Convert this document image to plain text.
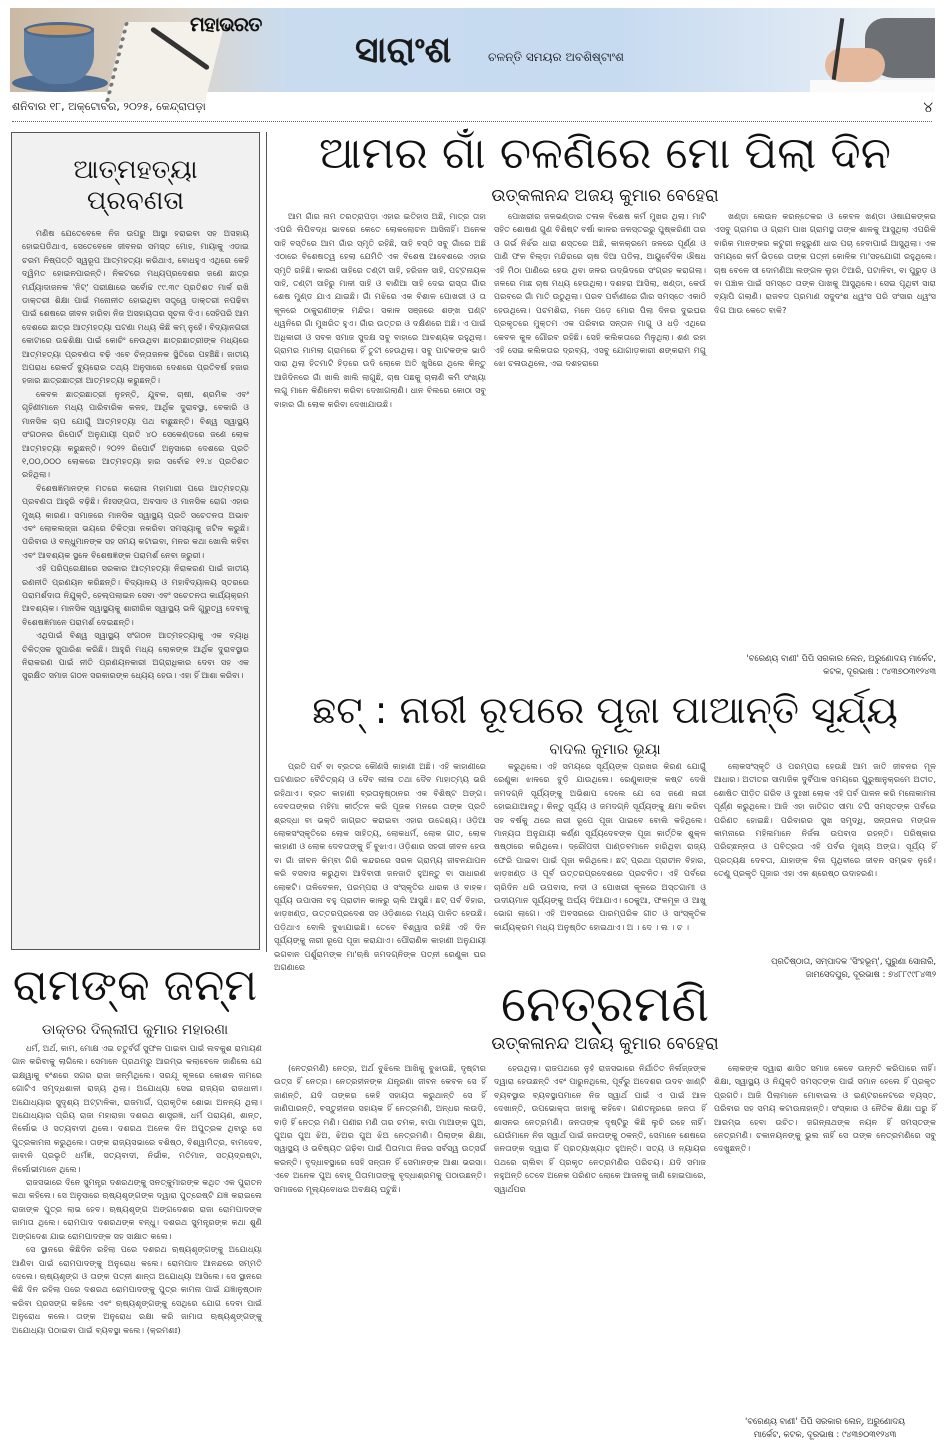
ମହାଭରତ
ସାରାଂଶ	ଚଳନ୍ତି ସମୟର ଅବଶିଷ୍ଟାଂଶ
ଶନିବାର ୧୮, ଅକ୍ଟୋବର, ୨୦୨୫, କେନ୍ଦ୍ରାପଡ଼ା	୪
ଆତ୍ମହତ୍ୟା ପ୍ରବଣତା

ମଣିଷ ଯେତେବେଳେ ନିଜ ଉପରୁ ଆସ୍ଥା ହରାଇବା ସହ ଅସହାୟ ହୋଇପଡିଥାଏ, ସେତେବେଳେ ଜୀବନର ସମସ୍ତ ମୋହ, ମାୟାକୁ ଏଡାଇ ଚରମ ନିଷ୍ପତ୍ତି ସ୍ୱରୂପ ଆତ୍ମହତ୍ୟା କରିଥାଏ, ବୋଧହୁଏ ଏଥିରେ କେହି ଦ୍ୱିମତ ହୋଇନପାରନ୍ତି। ନିକଟରେ ମଧ୍ୟପ୍ରଦେଶର ଜଣେ ଛାତ୍ର ମର୍ଯ୍ୟାଦାଜନକ 'ନିଟ୍' ପରୀକ୍ଷାରେ ସର୍ବୋଚ୍ଚ ୯୯.୩୯ ପ୍ରତିଶତ ମାର୍କ ରଖି ଡାକ୍ତରୀ ଶିକ୍ଷା ପାଇଁ ମନୋନୀତ ହୋଇଥିବା ସତ୍ତ୍ୱେ ଡାକ୍ତରୀ ନପଢିବା ପାଇଁ ଶେଷରେ ଜୀବନ ହାରିବା ନିଜ ଅସହାୟତାର ସୂଚନା ଦିଏ। ସେହିପରି ଆମ ଦେଶରେ ଛାତ୍ର ଆତ୍ମହତ୍ୟା ଘଟଣା ମଧ୍ୟ କିଛି କମ୍ ନୁହେଁ। ବିଦ୍ୟାନଗରୀ କୋଟାରେ ଉଚ୍ଚଶିକ୍ଷା ପାଇଁ କୋଚିଂ ନେଉଥିବା ଛାତ୍ରଛାତ୍ରୀଙ୍କ ମଧ୍ୟରେ ଆତ୍ମହତ୍ୟା ପ୍ରବଣତା ବଢ଼ି ଏବେ ଚିନ୍ତାଜନକ ସ୍ଥିତିରେ ପହଞ୍ଚିଛି। ଜାତୀୟ ଅପରାଧ ରେକର୍ଡ ବ୍ୟୁରୋର ତଥ୍ୟ ଅନୁସାରେ ଦେଶରେ ପ୍ରତିବର୍ଷ ହଜାର ହଜାର ଛାତ୍ରଛାତ୍ରୀ ଆତ୍ମହତ୍ୟା କରୁଛନ୍ତି।

କେବଳ ଛାତ୍ରଛାତ୍ରୀ ନୁହନ୍ତି, ଯୁବକ, ଚାଷୀ, ଶ୍ରମିକ ଏବଂ ଗୃହିଣୀମାନେ ମଧ୍ୟ ପାରିବାରିକ କଳହ, ଆର୍ଥିକ ଦୁରାବସ୍ଥା, ବେକାରି ଓ ମାନସିକ ଚାପ ଯୋଗୁଁ ଆତ୍ମହତ୍ୟା ପଥ ବାଛୁଛନ୍ତି। ବିଶ୍ୱ ସ୍ୱାସ୍ଥ୍ୟ ସଂଗଠନର ରିପୋର୍ଟ ଅନୁଯାୟୀ ପ୍ରତି ୪୦ ସେକେଣ୍ଡରେ ଜଣେ ଲୋକ ଆତ୍ମହତ୍ୟା କରୁଛନ୍ତି। ୨୦୨୨ ରିପୋର୍ଟ ଅନୁସାରେ ଦେଶରେ ପ୍ରତି ୧,୦୦,୦୦୦ ଲୋକରେ ଆତ୍ମହତ୍ୟା ହାର ସର୍ବୋଚ୍ଚ ୧୨.୪ ପ୍ରତିଶତ ରହିଥିଲା।

ବିଶେଷଜ୍ଞମାନଙ୍କ ମତରେ କରୋନା ମହାମାରୀ ପରେ ଆତ୍ମହତ୍ୟା ପ୍ରବଣତା ଆହୁରି ବଢ଼ିଛି। ନିଃସଙ୍ଗତା, ଅବସାଦ ଓ ମାନସିକ ରୋଗ ଏହାର ମୁଖ୍ୟ କାରଣ। ସମାଜରେ ମାନସିକ ସ୍ୱାସ୍ଥ୍ୟ ପ୍ରତି ସଚେତନତା ଅଭାବ ଏବଂ ଲୋକଲଜ୍ଜା ଭୟରେ ଚିକିତ୍ସା ନକରିବା ସମସ୍ୟାକୁ ଜଟିଳ କରୁଛି। ପରିବାର ଓ ବନ୍ଧୁମାନଙ୍କ ସହ ସମୟ କଟାଇବା, ମନର କଥା ଖୋଲି କହିବା ଏବଂ ଆବଶ୍ୟକ ସ୍ଥଳେ ବିଶେଷଜ୍ଞଙ୍କ ପରାମର୍ଶ ନେବା ଜରୁରୀ।

ଏହି ପରିପ୍ରେକ୍ଷୀରେ ସରକାର ଆତ୍ମହତ୍ୟା ନିରାକରଣ ପାଇଁ ଜାତୀୟ ରଣନୀତି ପ୍ରଣୟନ କରିଛନ୍ତି। ବିଦ୍ୟାଳୟ ଓ ମହାବିଦ୍ୟାଳୟ ସ୍ତରରେ ପରାମର୍ଶଦାତା ନିଯୁକ୍ତି, ହେଲ୍ପଲାଇନ ସେବା ଏବଂ ସଚେତନତା କାର୍ଯ୍ୟକ୍ରମ ଆବଶ୍ୟକ। ମାନସିକ ସ୍ୱାସ୍ଥ୍ୟକୁ ଶାରୀରିକ ସ୍ୱାସ୍ଥ୍ୟ ଭଳି ଗୁରୁତ୍ୱ ଦେବାକୁ ବିଶେଷଜ୍ଞମାନେ ପରାମର୍ଶ ଦେଇଛନ୍ତି।

ଏଥିପାଇଁ ବିଶ୍ୱ ସ୍ୱାସ୍ଥ୍ୟ ସଂଗଠନ ଆତ୍ମହତ୍ୟାକୁ ଏକ ବ୍ୟାଧି ଚିକିତ୍ସକ ସୁପାରିଶ କରିଛି। ଆହୁରି ମଧ୍ୟ ଲୋକଙ୍କ ଆର୍ଥିକ ଦୁରାବସ୍ଥାର ନିରାକରଣ ପାଇଁ ନୀତି ପ୍ରଣୟନକାରୀ ଅଗ୍ରାଧିକାର ଦେବା ସହ ଏକ ସୁରକ୍ଷିତ ସମାଜ ଗଠନ ସରକାରଙ୍କ ଧ୍ୟେୟ ହେଉ। ଏହା ହିଁ ଆଶା କରିବା।

ଆମର ଗାଁ ଚଳଣିରେ ମୋ ପିଲା ଦିନ
ଉତ୍କଳାନନ୍ଦ ଅଜୟ କୁମାର ବେହେରା

ଆମ ଗାଁର ନାମ ତରତ୍ରାପଡ଼ା ଏହାର ଇତିହାସ ଅଛି, ମାତ୍ର ତାହା ଏପରି ଲିପିବଦ୍ଧ ଭାବରେ କେତେ ଲୋକଲୋଚନ ଆସିନାହିଁ। ଅନେକ ସାହି ବସ୍ତିରେ ଆମ ଗାଁର ସ୍ମୃତି ରହିଛି, ସାହି ବସ୍ତି ସବୁ ଗାଁରେ ଅଛି ଏଠାରେ ବିଶେଷତ୍ୱ ହେଲା ଯେମିତି ଏକ ବିଶେଷ ଆବେଶରେ ଏହାର ସ୍ମୃତି ରହିଛି। କାରଣ ସାହିରେ ତଣ୍ଟୀ ସାହି, ହରିଜନ ସାହି, ପଟ୍ଟନାୟକ ସାହି, ତଣ୍ଟୀ ସାହିରୁ ମାଳୀ ସାହି ଓ ବାଣିଆ ସାହି ଦେଇ ରାସ୍ତା ଗାଁର ଶେଷ ମୁଣ୍ଡ ଯାଏ ଯାଇଛି। ଗାଁ ମଝିରେ ଏକ ବିଶାଳ ପୋଖରୀ ଓ ତା କୂଳରେ ଠାକୁରାଣୀଙ୍କ ମନ୍ଦିର। ସକାଳ ସଞ୍ଜରେ ଶଙ୍ଖ ଘଣ୍ଟ ଧ୍ୱନିରେ ଗାଁ ମୁଖରିତ ହୁଏ। ଗାଁର ଉତ୍ତର ଓ ଦକ୍ଷିଣରେ ଅଛି। ଏ ପାଇଁ ଅଧିକାରୀ ଓ ସବଳ ସମାଜ ସୁଦକ୍ଷ ସବୁ ବାହାରେ ଆବଶ୍ୟକ ରହୁଥିଲା। ଗ୍ରାମର ମାମଲା ଗ୍ରାମରେ ହିଁ ତୁଟୀ ହେଉଥିଲା। ସବୁ ପାଟକଙ୍କ ଭାଡି ସାରା ଥିଲା ହିତମାଟି ହିଡ଼ରେ ଉଦି ଲୋକେ ଅତି ଖୁସିରେ ଥିଲେ କିନ୍ତୁ ଆଜିଦିନରେ ଗାଁ ଖାଲି ଖାଲି ଲାଗୁଛି, ଚାଷ ପଛକୁ ଚାଲାଣି କମି ସଂଖ୍ୟା ଲଗୁ ମାନେ କିଣିନେବା କରିବା ଦେଖାଗଲାଣି। ଧାନ ବିଲରେ କୋଠା ସବୁ ବାହାର ଗାଁ ଲୋକ କରିବା ଦେଖାଯାଉଛି।

ପୋଖରୀର ଜଳଭଣ୍ଡାର ତଳାଳ ବିଶେଷ କର୍ମ ମୁଖର ଥିଲା। ମାଟି ସହିତ ଶୋଷଣ ଗୁଣ ବିଶିଷ୍ଟ ବର୍ଷା କାଳର ଜଳସ୍ତରରୁ ପୁଷ୍କରିଣୀ ତାର ଓ ଗର୍ଭ ନିର୍ଝର ଧାରା ଶସ୍ତରେ ଅଛି, କାଳକ୍ରମେ ଜଳରେ ପୂର୍ଣ୍ଣ ଓ ପାଣି ଫଳ ବିଲ୍ଡ଼ା ମନ୍ଦିରରେ ଚାଷ ଦିଆ ପଡିଲା, ଆୟୁର୍ବେଦିକ ଔଷଧ ଏହି ମିଠା ପାଣିରେ ହେଉ ଥିବା ଜଳର ଉଦ୍ଭିଦରେ ସଂଗ୍ରହ କରାଗଲା। ଜଳରେ ମାଛ ଚାଷ ମଧ୍ୟ ହେଉଥିଲା। ଦଶହରା ଆସିଲା, ଖଣ୍ଡା, କେଉଁ ପରବରେ ଗାଁ ମାତି ଉଠୁଥିଲା। ପରବ ପର୍ବାଣୀରେ ଗାଁର ସମସ୍ତେ ଏକାଠି ହେଉଥିଲେ। ପଚମଶିରା, ମନେ ପଡ଼େ ମୋର ପିଲା ଦିନର ଦୁଇଘର ପ୍ରକୃତରେ ମୁକ୍ତମ ଏକ ପରିବାର ସନ୍ତାନ ମାଗୁ ଓ ଧଡ଼ି ଏଥିରେ କେବଳ କୁଳ ଗୌରବ ରହିଛି। ସେହି କଲିକତାରେ ମିଳୁଥିଲା। ଶଣ ରହା ଏହି ସେଇ କଲିକତାର ଦ୍ରବ୍ୟ, ଏସବୁ ଯୋଗାଡ଼କାରୀ ଶଙ୍କରାମ ମଗୁ ଝୋ ଚଳାଉଥିଲେ, ଏଇ ଦଶହରାରେ

ଖଣ୍ଡା ଲେଉନ କରନ୍ତେକର ଓ କେବଳ ଖଣ୍ଡା ଓଷାଯକଙ୍କର ଏସବୁ ଗ୍ରାମର ଓ ଗ୍ରାମ ପାଖ ଗ୍ରାମସ୍ଥ ତାଙ୍କ ଶାଳକୁ ଆସୁଥିଲା ଏପରିକି ବାରିକ ମାନଙ୍କର କଟୁରୀ ନହୁରୁଣୀ ଧାର ପଚା ହେବାପାଇଁ ଆସୁଥିଲା। ଏକ ସମୟରେ କର୍ମ ଭିଡ଼ରେ ତାଙ୍କ ପତ୍ନୀ କୋଳିକ ମା'ସହଯୋଗୀ ରହୁଥିଲେ। ଚାଷ ବେଳେ ସୀ ଦୋମଣିଆ ଲଙ୍ଗଳ ଲୁହା ତିଆରି, ପଟାଳିବା, ବା ପୁରୁଡ଼ ଓ ବା ପଞ୍ଚାଳ ପାଇଁ ସମସ୍ତେ ତାଙ୍କ ପାଖକୁ ଆସୁଥିଲେ। ସେଇ ପୃଥିବୀ ସାରା ବ୍ୟାପି ଗଲାଣି। ରାଜବଡ ପ୍ରମାଣ ସଦୁଦଂଶ ଧ୍ୱଂସ ପରି ସଂସାର ଧ୍ୱଂସ ଦିଗ ଆଉ କେତେ ବାକି?

'ବରେଣ୍ୟ ବାଣୀ' ପିପି ସରକାର ଲେନ, ଅରୁଣୋଦୟ ମାର୍କେଟ,
କଟକ, ଦୂରଭାଷ : ୯୪୩୭୦୩୧୨୪୩
ଛଟ୍ : ନାରୀ ରୂପରେ ପୂଜା ପାଆନ୍ତି ସୂର୍ଯ୍ୟ
ବାଦଲ କୁମାର ଭୂୟା

ପ୍ରତି ପର୍ବ ବା ବ୍ରତର କୌଣସି କାହାଣୀ ଅଛି। ଏହି କାହାଣୀରେ ଘଟଣାରତ ବୈଚିତ୍ର୍ୟ ଓ ଦୈବ ଲୀଳା ତଥା ଦୈବ ମାହାତ୍ମ୍ୟ ଭରି ରହିଥାଏ। ବ୍ରତ କାହାଣୀ ବ୍ରତାନୁଷ୍ଠାନର ଏକ ବିଶିଷ୍ଟ ଅଙ୍ଗ। ଦେବତାଙ୍କର ମହିମା କୀର୍ତ୍ତନ କରି ପୂଜକ ମନରେ ତାଙ୍କ ପ୍ରତି ଶ୍ରଦ୍ଧା ବା ଭକ୍ତି ଜାଗ୍ରତ କରାଇବା ଏହାର ଉଦ୍ଦେଶ୍ୟ। ଓଡ଼ିଆ ଲୋକସଂସ୍କୃତିରେ ଲୋକ ସାହିତ୍ୟ, ଲୋକଧର୍ମ, ଲୋକ ଗୀତ, ଲୋକ କାହାଣୀ ଓ ଲୋକ ଦେବତାଙ୍କୁ ହିଁ ବୁଝାଏ। ଓଡ଼ିଶାର ସହରୀ ଜୀବନ ହେଉ ବା ଗାଁ ଜୀବନ କିମ୍ବା ଗିରି କନ୍ଦରରେ ସରଳ ଗ୍ରାମ୍ୟ ଜୀବନଯାପନ କରି ବସବାସ କରୁଥିବା ଆଦିବାସୀ ଜନଜାତି ହୁଅନ୍ତୁ ବା ସାଧାରଣ ଲୋକଟି। ତାଳିବେଳନ, ପରମ୍ପରା ଓ ସଂସ୍କୃତିର ଧାରକ ଓ ବାହକ। ସୂର୍ଯ୍ୟ ଉପାସନା ବହୁ ପ୍ରାଚୀନ କାଳରୁ ଚାଲି ଆସୁଛି। ଛଟ୍ ପର୍ବ ବିହାର, ଝାଡ଼ଖଣ୍ଡ, ଉତ୍ତରପ୍ରଦେଶ ସହ ଓଡ଼ିଶାରେ ମଧ୍ୟ ପାଳିତ ହେଉଛି। ପଡ଼ିଥାଏ ବୋଲି ବୁଝାଯାଇଛି। ତେବେ ବିଶ୍ୱାସ ରହିଛି ଏହି ଦିନ ସୂର୍ଯ୍ୟଙ୍କୁ ନାରୀ ରୂପେ ପୂଜା କରାଯାଏ। ପୌରାଣିକ କାହାଣୀ ଅନୁଯାୟୀ ଭଗବାନ ପର୍ଶୁରାମଙ୍କ ମା'ଋଷି ଜମଦଗ୍ନିଙ୍କ ପତ୍ନୀ ରେଣୁକା ଘର ଅଗଣାରେ

କରୁଥିଲେ। ଏହି ସମୟରେ ସୂର୍ଯ୍ୟଙ୍କ ପ୍ରଖର କିରଣ ଯୋଗୁଁ ରେଣୁକା ଝାଳରେ ବୁଡ଼ି ଯାଉଥିଲେ। ରେଣୁକାଙ୍କ କଷ୍ଟ ଦେଖି ଜମଦଗ୍ନି ସୂର୍ଯ୍ୟଙ୍କୁ ଅଭିଶାପ ଦେଲେ ଯେ ସେ ଜଣେ ନାରୀ ହୋଇଯାଆନ୍ତୁ। କିନ୍ତୁ ସୂର୍ଯ୍ୟ ଓ ଜମଦଗ୍ନି ସୂର୍ଯ୍ୟଙ୍କୁ କ୍ଷମା କରିବା ସହ ବର୍ଷକୁ ଥରେ ନାରୀ ରୂପେ ପୂଜା ପାଇବେ ବୋଲି କହିଥିଲେ। ମାନ୍ୟତା ଅନୁଯାୟୀ କର୍ଣ୍ଣ ସୂର୍ଯ୍ୟଦେବଙ୍କ ପୂଜା କାର୍ତ୍ତିକ ଶୁକ୍ଳ ଷଷ୍ଠୀରେ କରିଥିଲେ। ଦ୍ରୌପଦୀ ପାଣ୍ଡବମାନେ ହାରିଥିବା ରାଜ୍ୟ ଫେରି ପାଇବା ପାଇଁ ପୂଜା କରିଥିଲେ। ଛଟ୍ ପ୍ରଥା ପ୍ରାଚୀନ ବିହାର, ଝାଡ଼ଖଣ୍ଡ ଓ ପୂର୍ବ ଉତ୍ତରପ୍ରଦେଶରେ ପ୍ରଚଳିତ। ଏହି ପର୍ବରେ ଚାରିଦିନ ଧରି ଉପବାସ, ନଦୀ ଓ ପୋଖରୀ କୂଳରେ ଅସ୍ତଗାମୀ ଓ ଉଦୀୟମାନ ସୂର୍ଯ୍ୟଙ୍କୁ ଅର୍ଘ୍ୟ ଦିଆଯାଏ। ଠେକୁଆ, ଫଳମୂଳ ଓ ଆଖୁ ଭୋଗ ଲାଗେ। ଏହି ଅବସରରେ ପାରମ୍ପରିକ ଗୀତ ଓ ସାଂସ୍କୃତିକ କାର୍ଯ୍ୟକ୍ରମ ମଧ୍ୟ ଅନୁଷ୍ଠିତ ହୋଇଥାଏ। ଅ । ଦେ । ଲ । ଚ ।

ଲୋକସଂସ୍କୃତି ଓ ପରମ୍ପରା ହେଉଛି ଆମ ଜାତି ଜୀବନର ମୂଳ ଆଧାର। ଅତୀତର ସାମାଜିକ ଦୁର୍ବିପାକ ସମୟରେ ପୁରୁଷାନୁକ୍ରମେ ଅତୀତ, ଶୋଷିତ ପୀଡ଼ିତ ଗରିବ ଓ ଦୁଃଖୀ ଲୋକ ଏହି ପର୍ବ ପାଳନ କରି ମନୋକାମନା ପୂର୍ଣ୍ଣ କରୁଥିଲେ। ଆଜି ଏହା ଜାତିଗତ ସୀମା ଟପି ସମସ୍ତଙ୍କ ପର୍ବରେ ପରିଣତ ହୋଇଛି। ପରିବାରର ସୁଖ ସମୃଦ୍ଧି, ସନ୍ତାନର ମଙ୍ଗଳ କାମନାରେ ମହିଳାମାନେ ନିର୍ଜଳା ଉପବାସ ରହନ୍ତି। ପରିଷ୍କାର ପରିଚ୍ଛନ୍ନତା ଓ ପବିତ୍ରତା ଏହି ପର୍ବର ମୁଖ୍ୟ ଅଙ୍ଗ। ସୂର୍ଯ୍ୟ ହିଁ ପ୍ରତ୍ୟକ୍ଷ ଦେବତା, ଯାହାଙ୍କ ବିନା ପୃଥିବୀରେ ଜୀବନ ସମ୍ଭବ ନୁହେଁ। ତେଣୁ ପ୍ରକୃତି ପୂଜାର ଏହା ଏକ ଶ୍ରେଷ୍ଠ ଉଦାହରଣ।

ପ୍ରତିଷ୍ଠାତା, ସମ୍ପାଦକ 'ସିଂହଭୂମ୍', ପୁରୁଣା ସୋନାରି,
ଜାମସେଦପୁର, ଦୂରଭାଷ : ୭୪୮୮୯୯୮୪୩୨
ରାମଙ୍କ ଜନ୍ମ
ଡାକ୍ତର ଦିଲ୍ଲୀପ କୁମାର ମହାରଣା

ଧର୍ମ, ଅର୍ଥ, କାମ, ମୋକ୍ଷ ଏଇ ଚତୁର୍ବର୍ଗ ସୁଫଳ ପାଇବା ପାଇଁ ଲବକୁଶ ରାମାୟଣ ଗାନ କରିବାକୁ ଲାଗିଲେ। ସେମାନେ ପ୍ରଥମରୁ ଆରମ୍ଭ କଲାବେଳେ ଜାଣିଲେ ଯେ ଇକ୍ଷ୍ୱାକୁ ବଂଶରେ ସଗର ରାଜା ଜନ୍ମିଥିଲେ। ସରଯୂ କୂଳରେ କୋଶଳ ନାମରେ ଗୋଟିଏ ସମୃଦ୍ଧଶାଳୀ ରାଜ୍ୟ ଥିଲା। ଅଯୋଧ୍ୟା ସେଇ ରାଜ୍ୟର ରାଜଧାନୀ। ଅଯୋଧ୍ୟାର ସୁଦୃଶ୍ୟ ଅଟ୍ଟାଳିକା, ରାଜମାର୍ଗ, ପ୍ରାକୃତିକ ଶୋଭା ଅନନ୍ୟ ଥିଲା। ଅଯୋଧ୍ୟାର ପ୍ରିୟ ରାଜା ମହାରାଜା ଦଶରଥ ଶାସ୍ତ୍ରଜ୍ଞ, ଧର୍ମ ପରାୟଣ, ଶାନ୍ତ, ନିର୍ଲୋଭ ଓ ସତ୍ୟବାଦୀ ଥିଲେ। ଦଶରଥ ଅନେକ ଦିନ ଅପୁତ୍ରକ ଥିବାରୁ ସେ ପୁତ୍ରକାମନା କରୁଥିଲେ। ତାଙ୍କ ରାଜ୍ୟସଭାରେ ବଶିଷ୍ଠ, ବିଶ୍ୱାମିତ୍ର, ବାମଦେବ, ଜାବାଳି ପ୍ରଭୃତି ଧର୍ମଜ୍ଞ, ସତ୍ୟବାଦୀ, ନିର୍ଭୀକ, ମତିମାନ, ସତ୍ୟଦ୍ରଷ୍ଟା, ନିର୍ଲୋଭୀମାନେ ଥିଲେ।

ରାଜସଭାରେ ଦିନେ ସୁମନ୍ତ୍ର ଦଶରଥଙ୍କୁ ସନତ୍କୁମାରଙ୍କ କଥିତ ଏକ ପୁରାତନ କଥା କହିଲେ। ସେ ଅନୁସାରେ ଋଷ୍ୟଶୃଙ୍ଗଙ୍କ ଦ୍ୱାରା ପୁତ୍ରେଷ୍ଟି ଯଜ୍ଞ କରାଇଲେ ରାଜାଙ୍କ ପୁତ୍ର ଲାଭ ହେବ। ଋଷ୍ୟଶୃଙ୍ଗ ଅଙ୍ଗଦେଶର ରାଜା ରୋମପାଦଙ୍କ ଜାମାତା ଥିଲେ। ରୋମପାଦ ଦଶରଥଙ୍କ ବନ୍ଧୁ। ଦଶରଥ ସୁମନ୍ତ୍ରଙ୍କ କଥା ଶୁଣି ଅଙ୍ଗଦେଶ ଯାଇ ରୋମପାଦଙ୍କ ସହ ସାକ୍ଷାତ କଲେ।

ସେ ସ୍ଥାନରେ କିଛିଦିନ ରହିଲା ପରେ ଦଶରଥ ଋଷ୍ୟଶୃଙ୍ଗଙ୍କୁ ଅଯୋଧ୍ୟା ଆଣିବା ପାଇଁ ରୋମପାଦଙ୍କୁ ଅନୁରୋଧ କଲେ। ରୋମପାଦ ଆନନ୍ଦରେ ସମ୍ମତି ଦେଲେ। ଋଷ୍ୟଶୃଙ୍ଗ ଓ ତାଙ୍କ ପତ୍ନୀ ଶାନ୍ତା ଅଯୋଧ୍ୟା ଆସିଲେ। ସେ ସ୍ଥାନରେ କିଛି ଦିନ ରହିଲା ପରେ ଦଶରଥ ରୋମପାଦଙ୍କୁ ପୁତ୍ର କାମନା ପାଇଁ ଯଜ୍ଞାନୁଷ୍ଠାନ କରିବା ପ୍ରସଙ୍ଗ କହିଲେ ଏବଂ ଋଷ୍ୟଶୃଙ୍ଗଙ୍କୁ ସେଥିରେ ଯୋଗ ଦେବା ପାଇଁ ଅନୁରୋଧ କଲେ। ତାଙ୍କ ଅନୁରୋଧ ରକ୍ଷା କରି ଜାମାତା ଋଷ୍ୟଶୃଙ୍ଗଙ୍କୁ ଅଯୋଧ୍ୟା ପଠାଇବା ପାଇଁ ବ୍ୟବସ୍ଥା କଲେ। (କ୍ରମଶଃ)

ନେତ୍ରମଣି
ଉତ୍କଳାନନ୍ଦ ଅଜୟ କୁମାର ବେହେରା

(ନେତ୍ରମଣି) ନେତ୍ର, ଅର୍ଥ ବୁଝିଲେ ଆଖିକୁ ବୁଝାଉଛି, ଦୃଷ୍ଟାର ଉତ୍ସ ହିଁ ନେତ୍ର। ନେତ୍ରହୀନଙ୍କ ଯନ୍ତ୍ରଣା ଜୀବନ କେବଳ ସେ ହିଁ ଜାଣନ୍ତି, ଯଦି ତାଙ୍କର କେହି ସହାୟତା କରୁଥାନ୍ତି ସେ ହିଁ ଜାଣିପାରନ୍ତି, ବସ୍ତୁହୀନର ସହାୟକ ହିଁ ନେତ୍ରମଣି, ଅନ୍ଧର ଲଉଡ଼ି, ବାଡ଼ି ହିଁ ନେତ୍ର ମଣି। ପଣୀର ମଣି ତାର ଚମକ, ବାପା ମାଆଙ୍କ ପୁଅ, ପୁଅର ପୁଅ ଝିଅ, ଝିଅର ପୁଅ ଝିଅ ନେତ୍ରମଣି। ପିଲାଙ୍କ ଶିକ୍ଷା, ସ୍ୱାସ୍ଥ୍ୟ ଓ ଭବିଷ୍ୟତ ଗଢ଼ିବା ପାଇଁ ପିତାମାତା ନିଜର ସର୍ବସ୍ୱ ଉତ୍ସର୍ଗ କରନ୍ତି। ବୃଦ୍ଧାବସ୍ଥାରେ ସେହି ସନ୍ତାନ ହିଁ ସେମାନଙ୍କ ଆଶା ଭରସା। ଏବେ ଅନେକ ପୁଅ ବୋହୂ ପିତାମାତାଙ୍କୁ ବୃଦ୍ଧାଶ୍ରମକୁ ପଠାଉଛନ୍ତି। ସମାଜରେ ମୂଲ୍ୟବୋଧର ଅବକ୍ଷୟ ଘଟୁଛି।

ହେଉଥିଲା। ରାଜପଥରେ ନୁହଁ ରାଜସଭାରେ ନିର୍ଯାତିତ ନିର୍ଲଜ୍ଜଙ୍କ ଦ୍ୱାରା ହେଉଛନ୍ତି ଏବଂ ପାରୁନଥିଲେ, ପୂର୍ବରୁ ଅଦେଶର ଉଦବ ଖାଣ୍ଟି ବ୍ୟବସ୍ଥାର ବ୍ୟବସ୍ଥାପମାନେ ନିଜ ସ୍ୱାର୍ଥ ପାଇଁ ଏ ପାଇଁ ଆଳ ଦେଖାନ୍ତି, ଉପଭୋକ୍ତା ଜାହାକୁ କହିବେ। ଗଣତନ୍ତ୍ରରେ ଜନତା ହିଁ ଶାସନର ନେତ୍ରମଣି। ଜନତାଙ୍କ ଦୃଷ୍ଟିରୁ କିଛି ଲୁଚି ରହେ ନାହିଁ। ଯେଉଁମାନେ ନିଜ ସ୍ୱାର୍ଥ ପାଇଁ ଜନତାଙ୍କୁ ଠକନ୍ତି, ସେମାନେ ଶେଷରେ ଜନତାଙ୍କ ଦ୍ୱାରା ହିଁ ପ୍ରତ୍ୟାଖ୍ୟାତ ହୁଅନ୍ତି। ସତ୍ୟ ଓ ନ୍ୟାୟର ପଥରେ ଚାଲିବା ହିଁ ପ୍ରକୃତ ନେତ୍ରମଣିର ପରିଚୟ। ଯଦି ସମାଜ ନହୁଅନ୍ତି ତେବେ ଅନେକ ପରିଣତ ଲୋକେ ଆଜନକୁ ଜାଣି ହୋଇପାରେ, ସ୍ୱାର୍ଥପର

ଲୋକଙ୍କ ଦ୍ୱାରା ଶାସିତ ସମାଜ କେବେ ଉନ୍ନତି କରିପାରେ ନାହିଁ। ଶିକ୍ଷା, ସ୍ୱାସ୍ଥ୍ୟ ଓ ନିଯୁକ୍ତି ସମସ୍ତଙ୍କ ପାଇଁ ସମାନ ହେଲେ ହିଁ ପ୍ରକୃତ ପ୍ରଗତି। ଆଜି ପିଲାମାନେ ମୋବାଇଲ ଓ ଇଣ୍ଟରନେଟରେ ବ୍ୟସ୍ତ, ପରିବାର ସହ ସମୟ କଟାଉନାହାନ୍ତି। ସଂସ୍କାର ଓ ନୈତିକ ଶିକ୍ଷା ଘରୁ ହିଁ ଆରମ୍ଭ ହେବା ଉଚିତ। ଜଗନ୍ନାଥଙ୍କ ନୟନ ହିଁ ସମସ୍ତଙ୍କ ନେତ୍ରମଣି। ଚକାନୟନଙ୍କୁ ଭୁଲ ନାହିଁ ସେ ତାଙ୍କ ନେତ୍ରମଣିରେ ସବୁ ଦେଖୁଛନ୍ତି।

'ବରେଣ୍ୟ ବାଣୀ' ପିପି ସରକାର ଲେନ୍, ଅରୁଣୋଦୟ
ମାର୍କେଟ, କଟକ, ଦୂରଭାଷ : ୯୪୩୭୦୩୧୨୪୩
